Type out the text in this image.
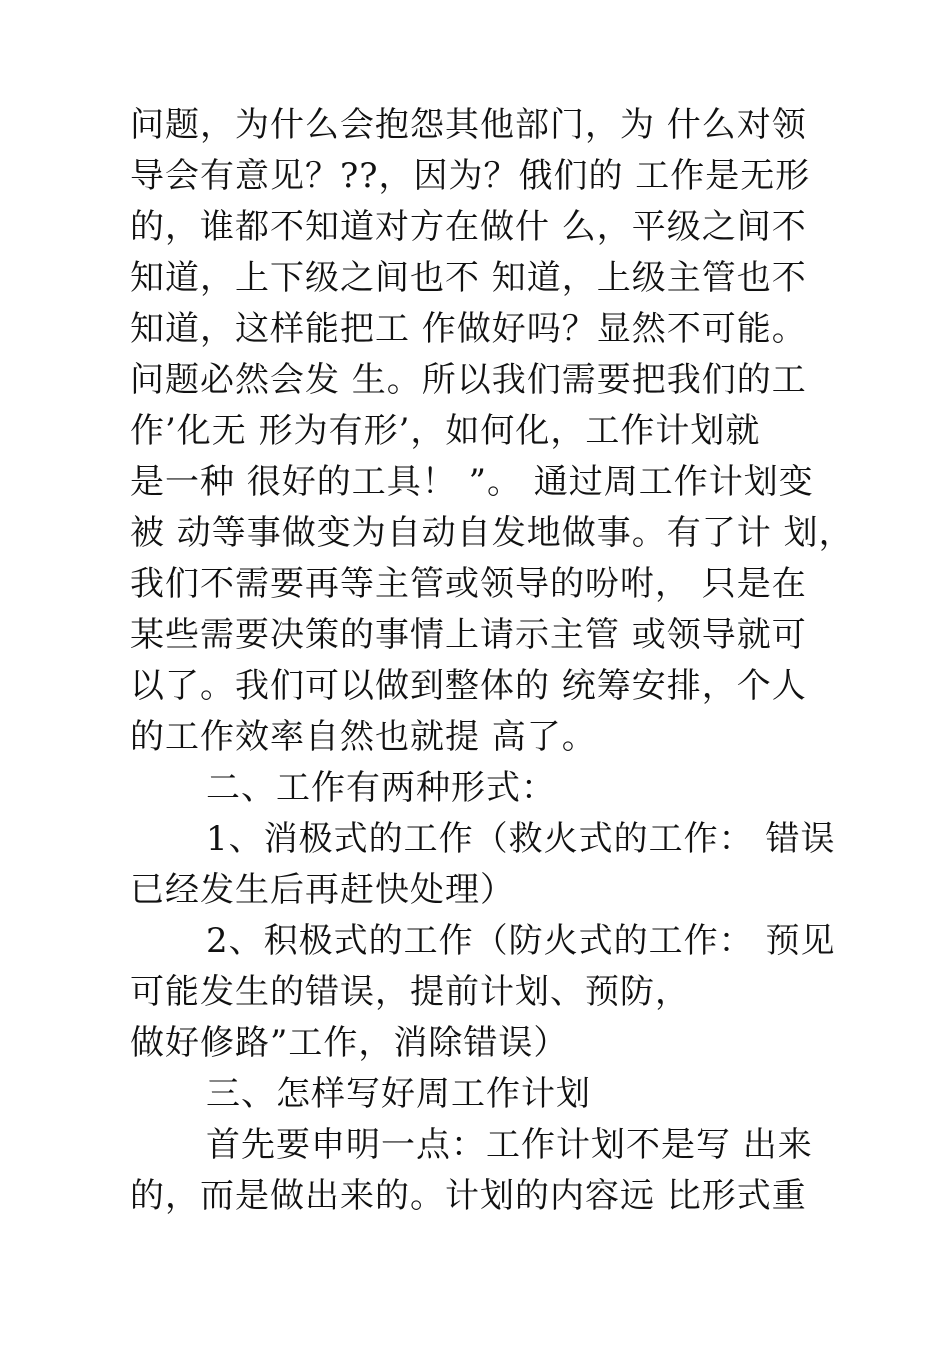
问题，为什么会抱怨其他部门，为 什么对领
导会有意见？??，因为？俄们的 工作是无形
的，谁都不知道对方在做什 么，平级之间不
知道，上下级之间也不 知道，上级主管也不
知道，这样能把工 作做好吗？显然不可能。
问题必然会发 生。所以我们需要把我们的工
作’化无 形为有形’，如何化，工作计划就
是一种 很好的工具！ ”。 通过周工作计划变
被 动等事做变为自动自发地做事。有了计 划，
我们不需要再等主管或领导的吩咐， 只是在
某些需要决策的事情上请示主管 或领导就可
以了。我们可以做到整体的 统筹安排，个人
的工作效率自然也就提 高了。
二、工作有两种形式：
1、消极式的工作（救火式的工作： 错误
已经发生后再赶快处理）
2、积极式的工作（防火式的工作： 预见
可能发生的错误，提前计划、预防，
做好修路”工作，消除错误）
三、怎样写好周工作计划
首先要申明一点：工作计划不是写 出来
的，而是做出来的。计划的内容远 比形式重
